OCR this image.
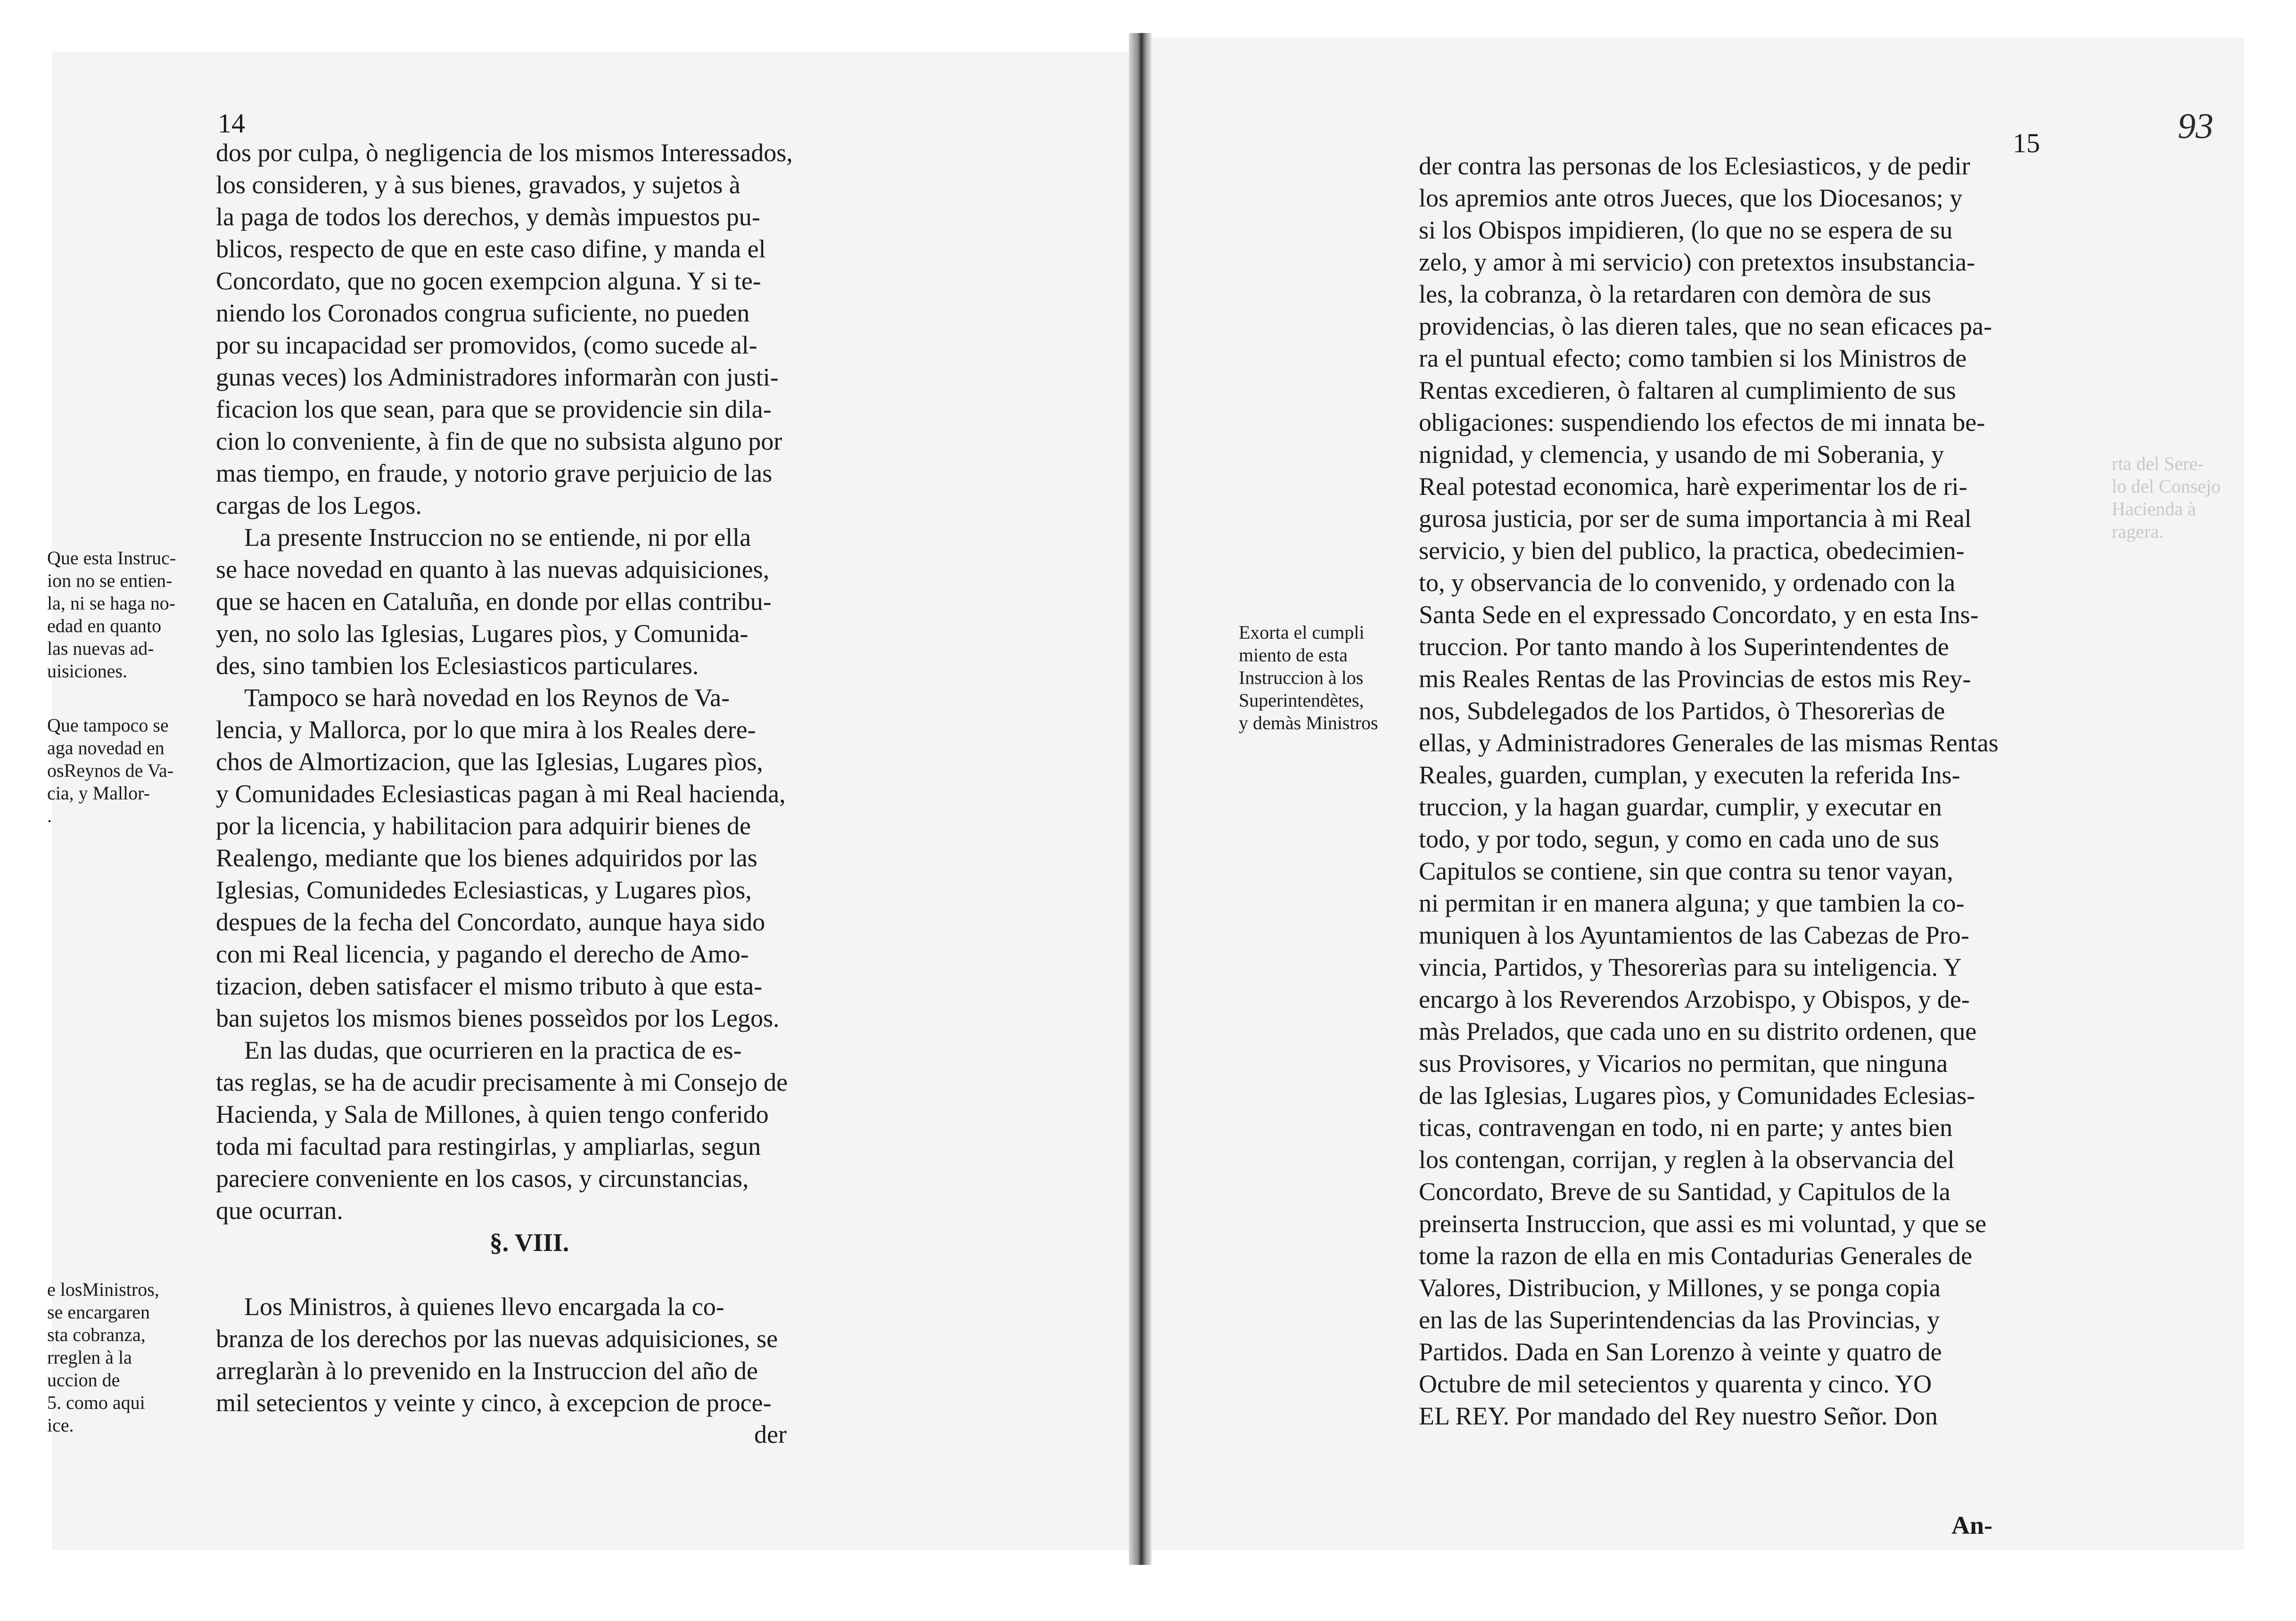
14
dos por culpa, ò negligencia de los mismos Interessados,
los consideren, y à sus bienes, gravados, y sujetos à
la paga de todos los derechos, y demàs impuestos pu-
blicos, respecto de que en este caso difine, y manda el
Concordato, que no gocen exempcion alguna. Y si te-
niendo los Coronados congrua suficiente, no pueden
por su incapacidad ser promovidos, (como sucede al-
gunas veces) los Administradores informaràn con justi-
ficacion los que sean, para que se providencie sin dila-
cion lo conveniente, à fin de que no subsista alguno por
mas tiempo, en fraude, y notorio grave perjuicio de las
cargas de los Legos.
La presente Instruccion no se entiende, ni por ella
se hace novedad en quanto à las nuevas adquisiciones,
que se hacen en Cataluña, en donde por ellas contribu-
yen, no solo las Iglesias, Lugares pìos, y Comunida-
des, sino tambien los Eclesiasticos particulares.
Tampoco se harà novedad en los Reynos de Va-
lencia, y Mallorca, por lo que mira à los Reales dere-
chos de Almortizacion, que las Iglesias, Lugares pìos,
y Comunidades Eclesiasticas pagan à mi Real hacienda,
por la licencia, y habilitacion para adquirir bienes de
Realengo, mediante que los bienes adquiridos por las
Iglesias, Comunidedes Eclesiasticas, y Lugares pìos,
despues de la fecha del Concordato, aunque haya sido
con mi Real licencia, y pagando el derecho de Amo-
tizacion, deben satisfacer el mismo tributo à que esta-
ban sujetos los mismos bienes posseìdos por los Legos.
En las dudas, que ocurrieren en la practica de es-
tas reglas, se ha de acudir precisamente à mi Consejo de
Hacienda, y Sala de Millones, à quien tengo conferido
toda mi facultad para restingirlas, y ampliarlas, segun
pareciere conveniente en los casos, y circunstancias,
que ocurran.
§. VIII.
Los Ministros, à quienes llevo encargada la co-
branza de los derechos por las nuevas adquisiciones, se
arreglaràn à lo prevenido en la Instruccion del año de
mil setecientos y veinte y cinco, à excepcion de proce-
der
Que esta Instruc-
ion no se entien-
la, ni se haga no-
edad en quanto
las nuevas ad-
uisiciones.
Que tampoco se
aga novedad en
osReynos de Va-
cia, y Mallor-
.
e losMinistros,
se encargaren
sta cobranza,
rreglen à la
uccion de
5. como aqui
ice.
15	93
der contra las personas de los Eclesiasticos, y de pedir
los apremios ante otros Jueces, que los Diocesanos; y
si los Obispos impidieren, (lo que no se espera de su
zelo, y amor à mi servicio) con pretextos insubstancia-
les, la cobranza, ò la retardaren con demòra de sus
providencias, ò las dieren tales, que no sean eficaces pa-
ra el puntual efecto; como tambien si los Ministros de
Rentas excedieren, ò faltaren al cumplimiento de sus
obligaciones: suspendiendo los efectos de mi innata be-
nignidad, y clemencia, y usando de mi Soberania, y
Real potestad economica, harè experimentar los de ri-
gurosa justicia, por ser de suma importancia à mi Real
servicio, y bien del publico, la practica, obedecimien-
to, y observancia de lo convenido, y ordenado con la
Santa Sede en el expressado Concordato, y en esta Ins-
truccion. Por tanto mando à los Superintendentes de
mis Reales Rentas de las Provincias de estos mis Rey-
nos, Subdelegados de los Partidos, ò Thesorerìas de
ellas, y Administradores Generales de las mismas Rentas
Reales, guarden, cumplan, y executen la referida Ins-
truccion, y la hagan guardar, cumplir, y executar en
todo, y por todo, segun, y como en cada uno de sus
Capitulos se contiene, sin que contra su tenor vayan,
ni permitan ir en manera alguna; y que tambien la co-
muniquen à los Ayuntamientos de las Cabezas de Pro-
vincia, Partidos, y Thesorerìas para su inteligencia. Y
encargo à los Reverendos Arzobispo, y Obispos, y de-
màs Prelados, que cada uno en su distrito ordenen, que
sus Provisores, y Vicarios no permitan, que ninguna
de las Iglesias, Lugares pìos, y Comunidades Eclesias-
ticas, contravengan en todo, ni en parte; y antes bien
los contengan, corrijan, y reglen à la observancia del
Concordato, Breve de su Santidad, y Capitulos de la
preinserta Instruccion, que assi es mi voluntad, y que se
tome la razon de ella en mis Contadurias Generales de
Valores, Distribucion, y Millones, y se ponga copia
en las de las Superintendencias da las Provincias, y
Partidos. Dada en San Lorenzo à veinte y quatro de
Octubre de mil setecientos y quarenta y cinco. YO
EL REY. Por mandado del Rey nuestro Señor. Don
An-
Exorta el cumpli
miento de esta
Instruccion à los
Superintendètes,
y demàs Ministros
rta del Sere-
lo del Consejo
Hacienda à
ragera.
